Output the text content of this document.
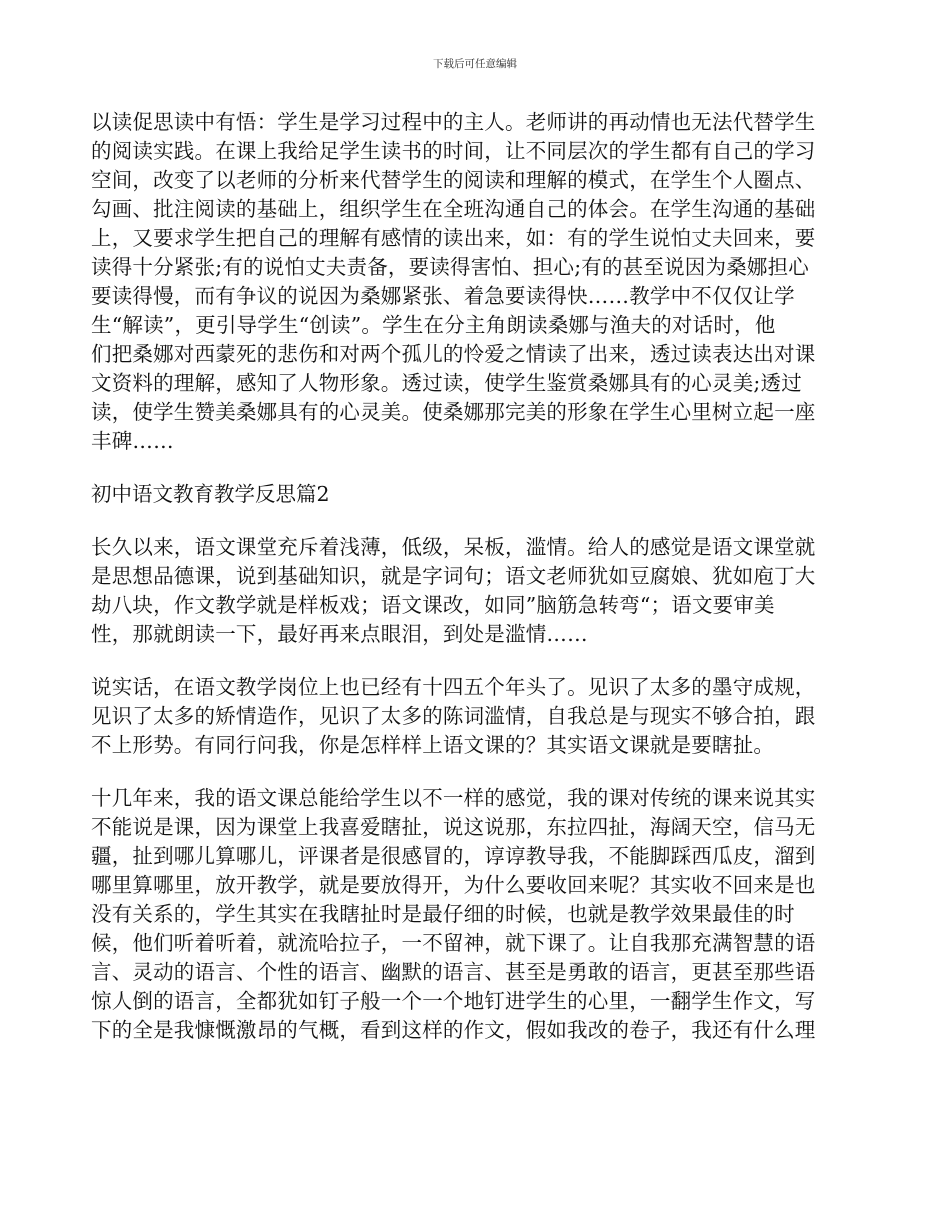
下载后可任意编辑
以读促思读中有悟：学生是学习过程中的主人。老师讲的再动情也无法代替学生
的阅读实践。在课上我给足学生读书的时间，让不同层次的学生都有自己的学习
空间，改变了以老师的分析来代替学生的阅读和理解的模式，在学生个人圈点、
勾画、批注阅读的基础上，组织学生在全班沟通自己的体会。在学生沟通的基础
上，又要求学生把自己的理解有感情的读出来，如：有的学生说怕丈夫回来，要
读得十分紧张;有的说怕丈夫责备，要读得害怕、担心;有的甚至说因为桑娜担心
要读得慢，而有争议的说因为桑娜紧张、着急要读得快……教学中不仅仅让学
生“解读”，更引导学生“创读”。学生在分主角朗读桑娜与渔夫的对话时，他
们把桑娜对西蒙死的悲伤和对两个孤儿的怜爱之情读了出来，透过读表达出对课
文资料的理解，感知了人物形象。透过读，使学生鉴赏桑娜具有的心灵美;透过
读，使学生赞美桑娜具有的心灵美。使桑娜那完美的形象在学生心里树立起一座
丰碑……
初中语文教育教学反思篇2
长久以来，语文课堂充斥着浅薄，低级，呆板，滥情。给人的感觉是语文课堂就
是思想品德课，说到基础知识，就是字词句；语文老师犹如豆腐娘、犹如庖丁大
劫八块，作文教学就是样板戏；语文课改，如同”脑筋急转弯“；语文要审美
性，那就朗读一下，最好再来点眼泪，到处是滥情……
说实话，在语文教学岗位上也已经有十四五个年头了。见识了太多的墨守成规，
见识了太多的矫情造作，见识了太多的陈词滥情，自我总是与现实不够合拍，跟
不上形势。有同行问我，你是怎样样上语文课的？其实语文课就是要瞎扯。
十几年来，我的语文课总能给学生以不一样的感觉，我的课对传统的课来说其实
不能说是课，因为课堂上我喜爱瞎扯，说这说那，东拉四扯，海阔天空，信马无
疆，扯到哪儿算哪儿，评课者是很感冒的，谆谆教导我，不能脚踩西瓜皮，溜到
哪里算哪里，放开教学，就是要放得开，为什么要收回来呢？其实收不回来是也
没有关系的，学生其实在我瞎扯时是最仔细的时候，也就是教学效果最佳的时
候，他们听着听着，就流哈拉子，一不留神，就下课了。让自我那充满智慧的语
言、灵动的语言、个性的语言、幽默的语言、甚至是勇敢的语言，更甚至那些语
惊人倒的语言，全都犹如钉子般一个一个地钉进学生的心里，一翻学生作文，写
下的全是我慷慨激昂的气概，看到这样的作文，假如我改的卷子，我还有什么理
